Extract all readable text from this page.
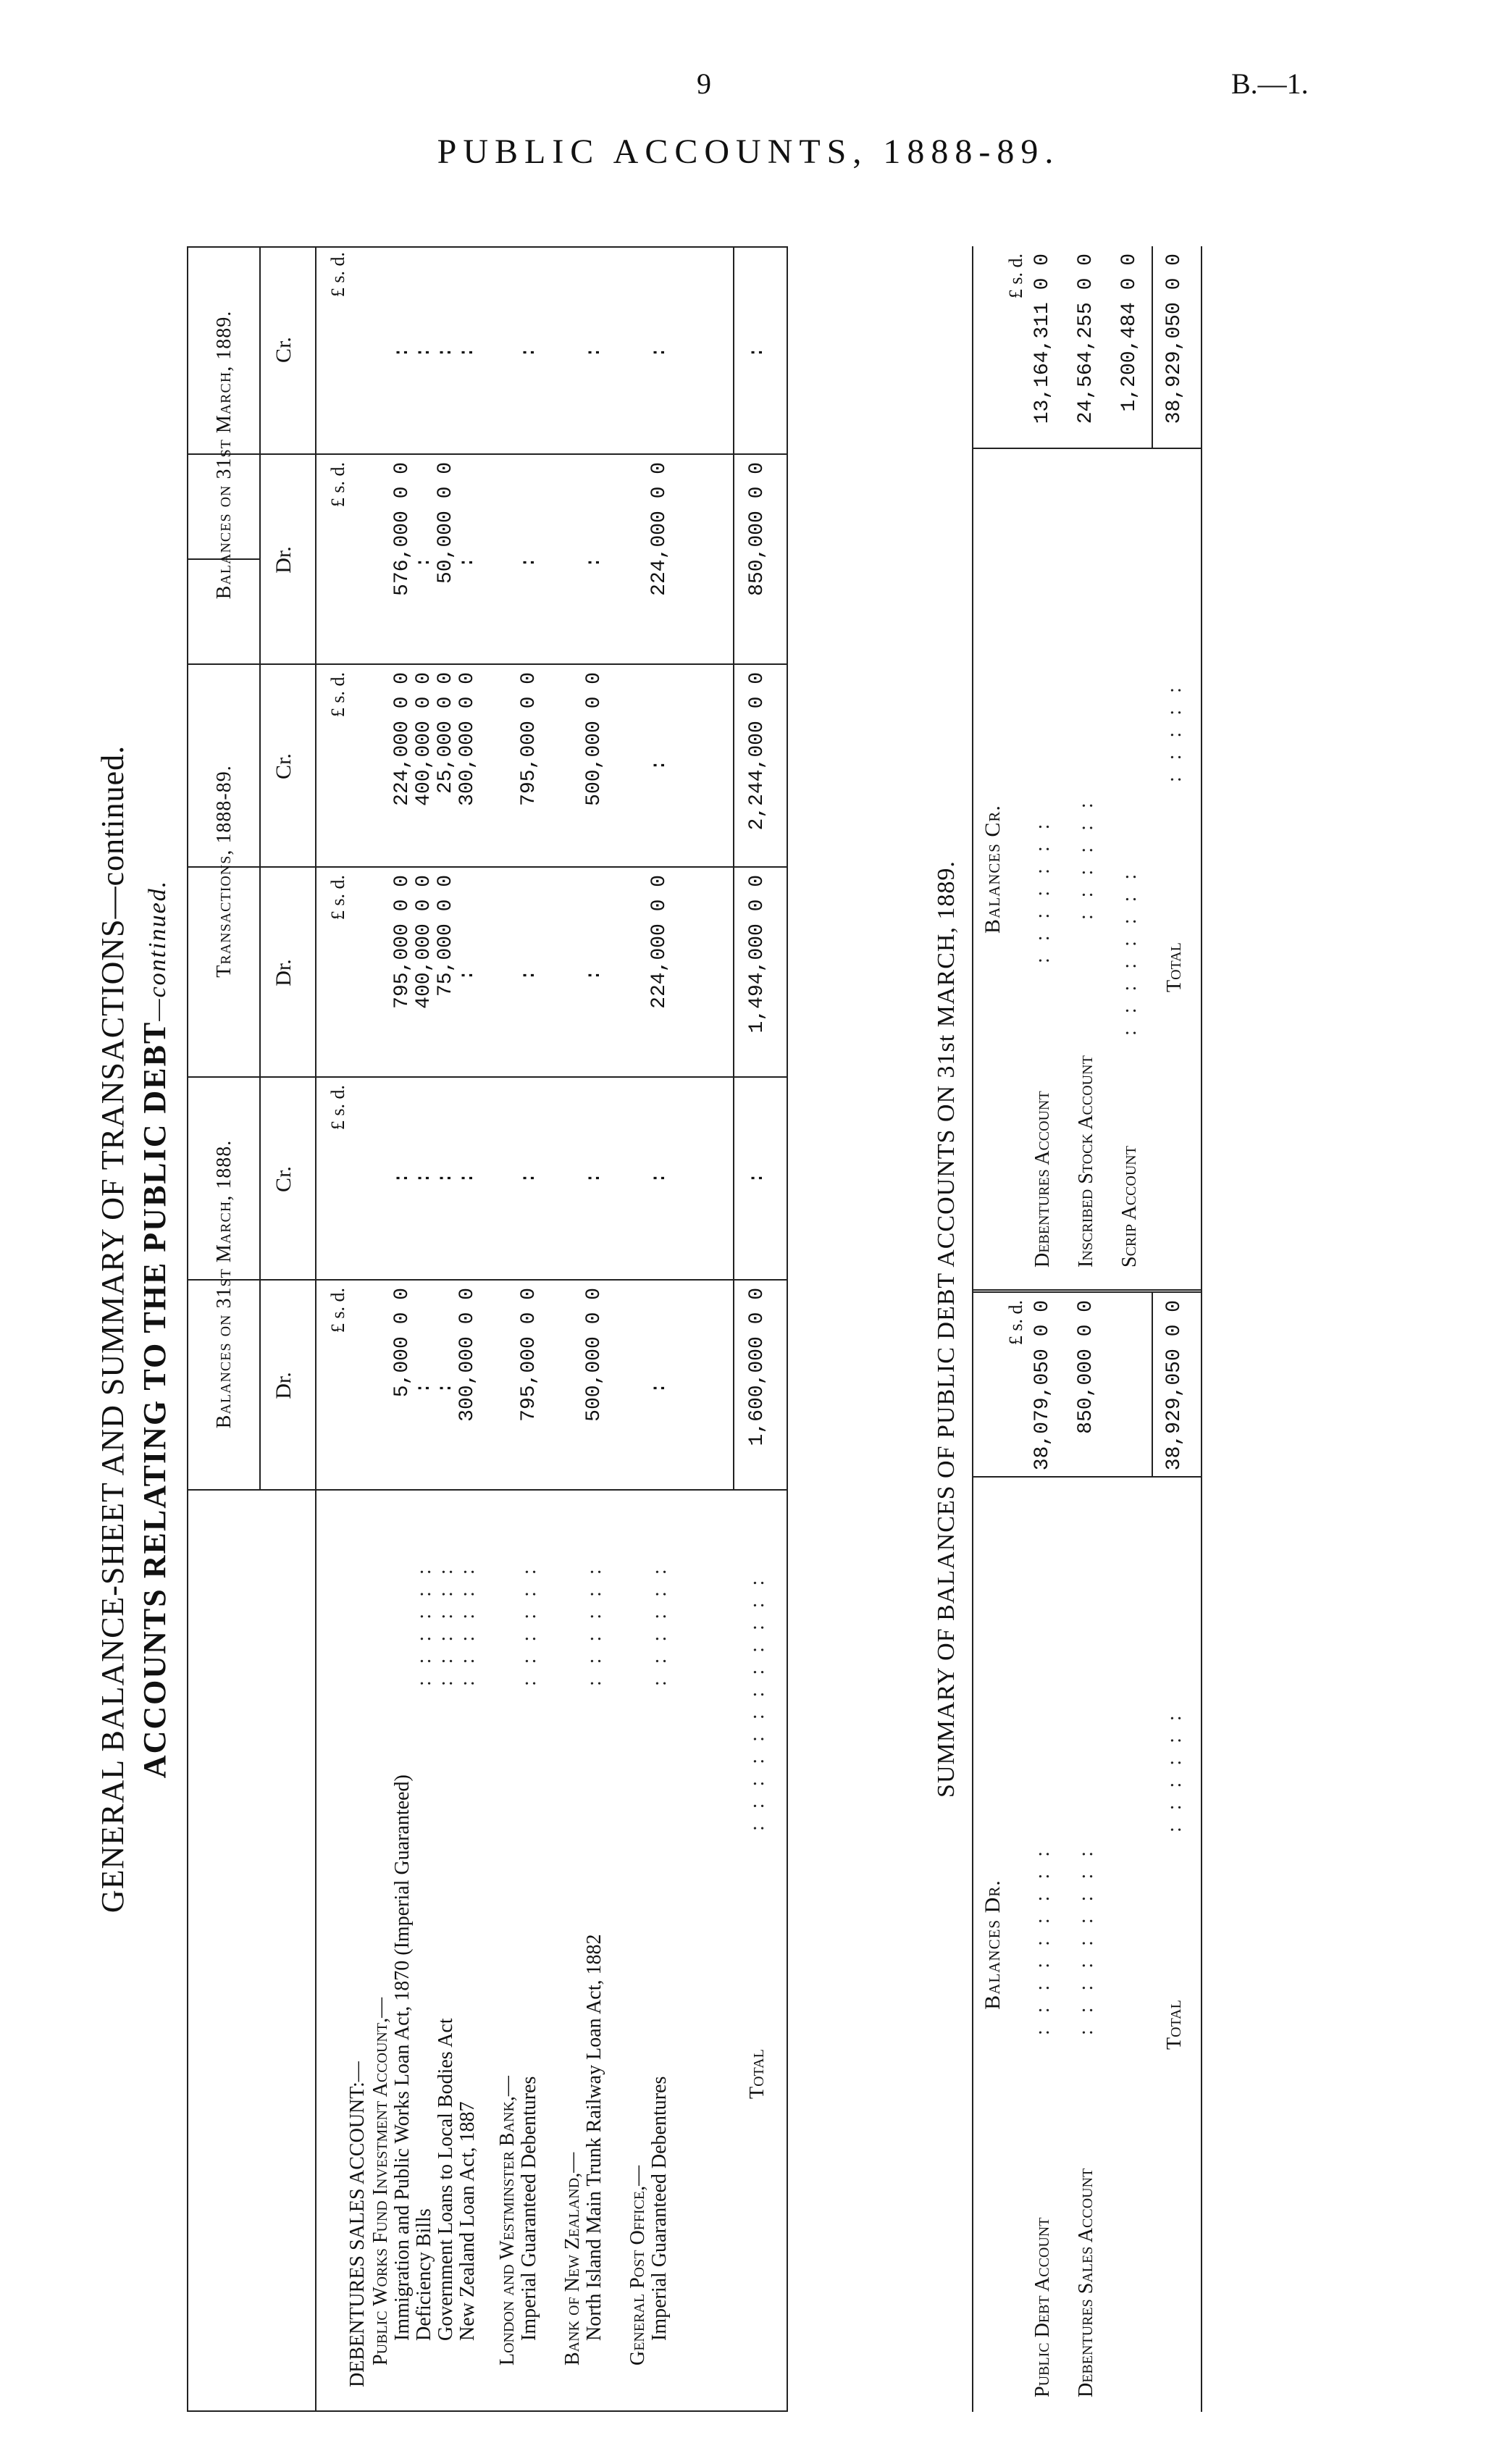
9	B.—1.
PUBLIC ACCOUNTS, 1888-89.
GENERAL BALANCE-SHEET AND SUMMARY OF TRANSACTIONS—continued. ACCOUNTS RELATING TO THE PUBLIC DEBT—continued.
Balances on 31st March, 1888.
Transactions, 1888-89.
Balances on 31st March, 1889.
Dr.
Cr.
Dr.
Cr.
Dr.
Cr.
£ s. d.
£ s. d.
£ s. d.
£ s. d.
£ s. d.
£ s. d.
DEBENTURES SALES ACCOUNT:— Public Works Fund Investment Account,— Immigration and Public Works Loan Act, 1870 (Imperial Guaranteed) Deficiency Bills Government Loans to Local Bodies Act New Zealand Loan Act, 1887 London and Westminster Bank,— Imperial Guaranteed Debentures Bank of New Zealand,— North Island Main Trunk Railway Loan Act, 1882 General Post Office,— Imperial Guaranteed Debentures
Total
: : : : : : : : : : : : : : : : : : : : : : : : : : : : : : : : : : : :	: : : : : : : : : : : :
5,000 0 0
:
795,000 0 0
224,000 0 0
576,000 0 0
:
:
:
400,000 0 0
400,000 0 0
:
:
:
:
75,000 0 0
25,000 0 0
50,000 0 0
:
300,000 0 0
:
:
300,000 0 0
:
:
795,000 0 0
:
:
795,000 0 0
:
:
500,000 0 0
:
:
500,000 0 0
:
:
:
:
224,000 0 0
:
224,000 0 0
:
1,600,000 0 0
:
1,494,000 0 0
2,244,000 0 0
850,000 0 0
:
SUMMARY OF BALANCES OF PUBLIC DEBT ACCOUNTS ON 31st MARCH, 1889.
Balances Dr.
Balances Cr.
£ s. d.
£ s. d.
Public Debt Account
: : : : : : : : :
38,079,050 0 0
Debentures Sales Account
: : : : : : : : :
850,000 0 0
Total
: : : : : :
38,929,050 0 0
Debentures Account
: : : : : : :
13,164,311 0 0
Inscribed Stock Account
: : : : : :
24,564,255 0 0
Scrip Account
: : : : : : : :
1,200,484 0 0
Total
: : : : :
38,929,050 0 0
